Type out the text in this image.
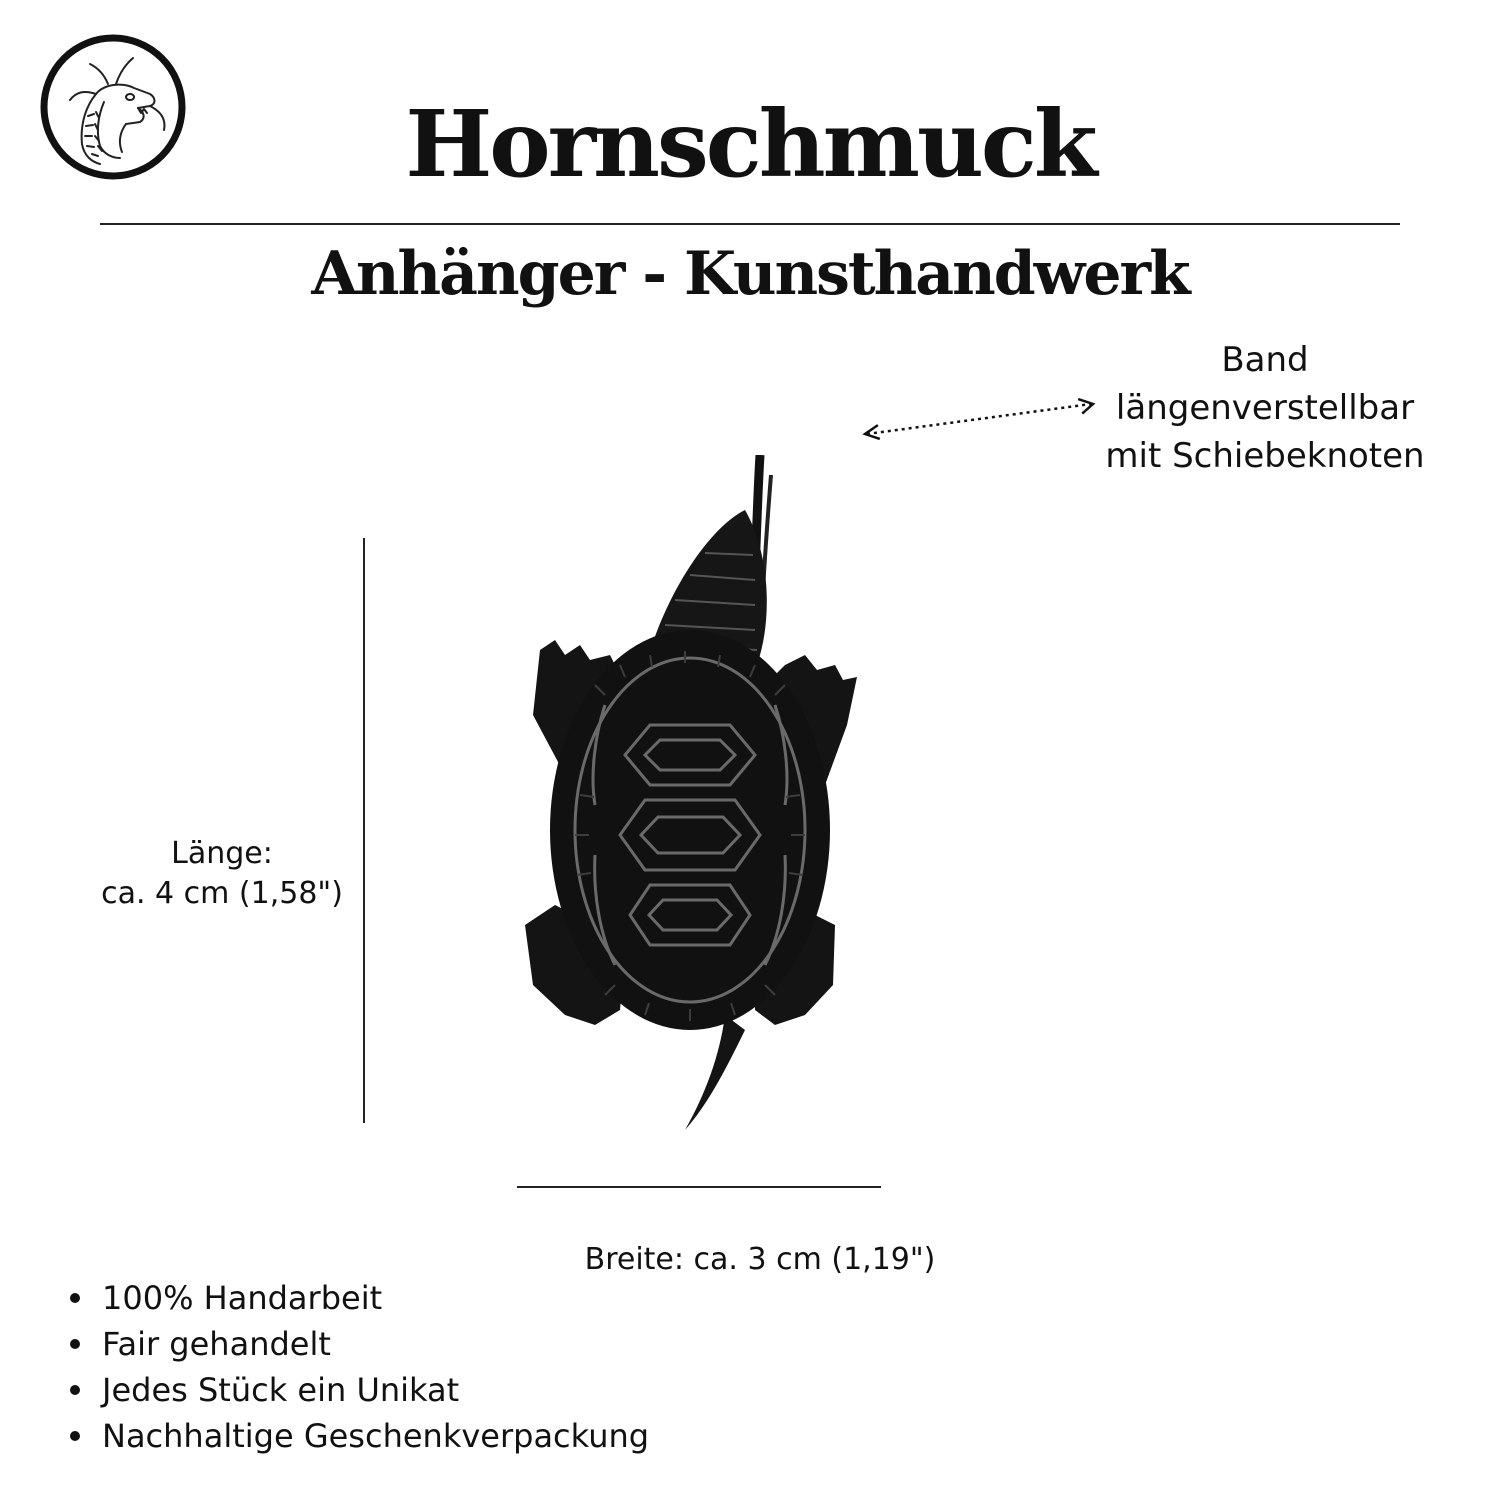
Hornschmuck
Anhänger - Kunsthandwerk
Band
längenverstellbar
mit Schiebeknoten
Länge:
ca. 4 cm (1,58")
Breite: ca. 3 cm (1,19")
100% Handarbeit
Fair gehandelt
Jedes Stück ein Unikat
Nachhaltige Geschenkverpackung
